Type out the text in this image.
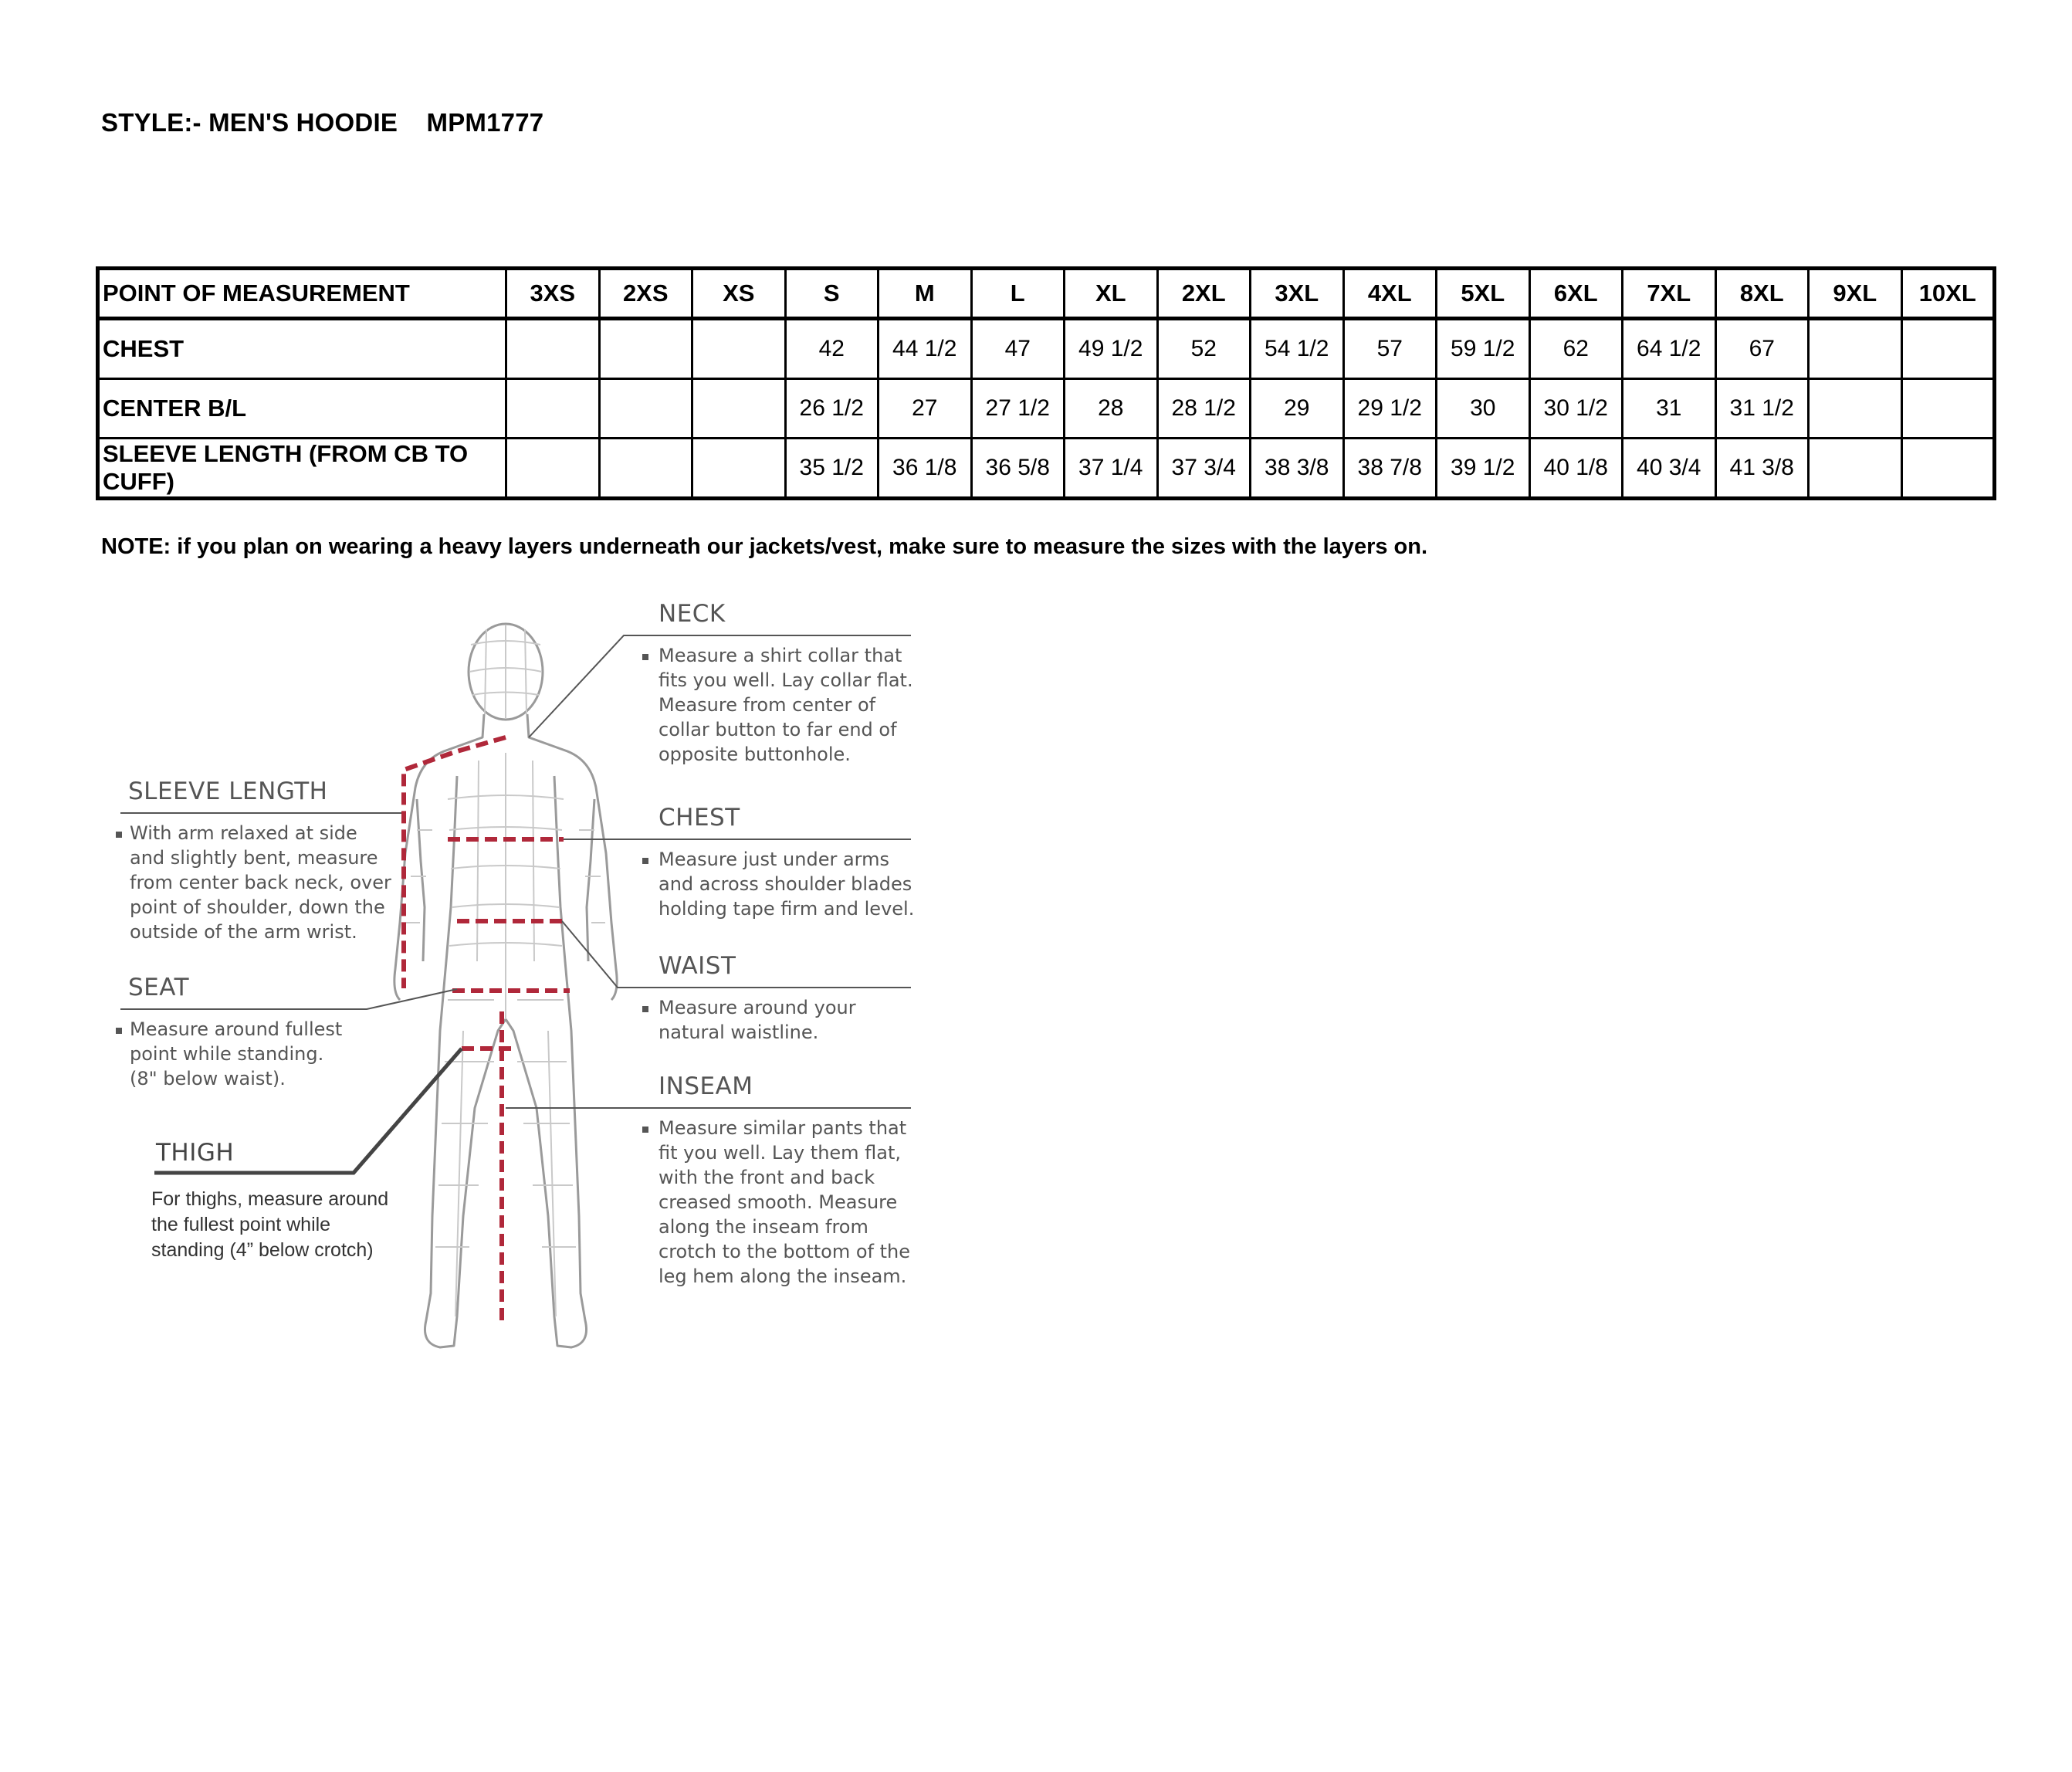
STYLE:- MEN'S HOODIE    MPM1777
POINT OF MEASUREMENT	3XS	2XS	XS	S	M	L	XL	2XL	3XL	4XL	5XL	6XL	7XL	8XL	9XL	10XL
CHEST				42	44 1/2	47	49 1/2	52	54 1/2	57	59 1/2	62	64 1/2	67		
CENTER B/L				26 1/2	27	27 1/2	28	28 1/2	29	29 1/2	30	30 1/2	31	31 1/2		
SLEEVE LENGTH (FROM CB TO CUFF)				35 1/2	36 1/8	36 5/8	37 1/4	37 3/4	38 3/8	38 7/8	39 1/2	40 1/8	40 3/4	41 3/8		
NOTE: if you plan on wearing a heavy layers underneath our jackets/vest, make sure to measure the sizes with the layers on.
NECK
Measure a shirt collar that
fits you well. Lay collar flat.
Measure from center of
collar button to far end of
opposite buttonhole.
CHEST
Measure just under arms
and across shoulder blades
holding tape firm and level.
WAIST
Measure around your
natural waistline.
INSEAM
Measure similar pants that
fit you well. Lay them flat,
with the front and back
creased smooth. Measure
along the inseam from
crotch to the bottom of the
leg hem along the inseam.
SLEEVE LENGTH
With arm relaxed at side
and slightly bent, measure
from center back neck, over
point of shoulder, down the
outside of the arm wrist.
SEAT
Measure around fullest
point while standing.
(8" below waist).
THIGH
For thighs, measure around
the fullest point while
standing (4” below crotch)
